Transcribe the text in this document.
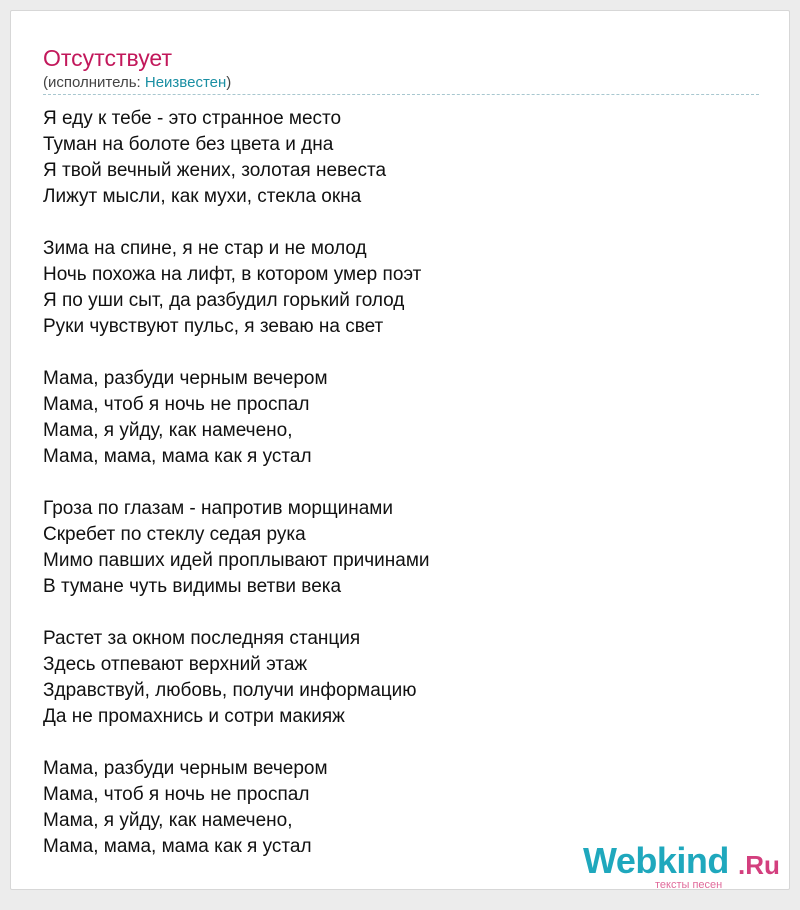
Отсутствует
(исполнитель: Неизвестен)
Я еду к тебе - это странное место
Туман на болоте без цвета и дна
Я твой вечный жених, золотая невеста
Лижут мысли, как мухи, стекла окна
Зима на спине, я не стар и не молод
Ночь похожа на лифт, в котором умер поэт
Я по уши сыт, да разбудил горький голод
Руки чувствуют пульс, я зеваю на свет
Мама, разбуди черным вечером
Мама, чтоб я ночь не проспал
Мама, я уйду, как намечено,
Мама, мама, мама как я устал
Гроза по глазам - напротив морщинами
Скребет по стеклу седая рука
Мимо павших идей проплывают причинами
В тумане чуть видимы ветви века
Растет за окном последняя станция
Здесь отпевают верхний этаж
Здравствуй, любовь, получи информацию
Да не промахнись и сотри макияж
Мама, разбуди черным вечером
Мама, чтоб я ночь не проспал
Мама, я уйду, как намечено,
Мама, мама, мама как я устал	Webkind .Ru
тексты песен
